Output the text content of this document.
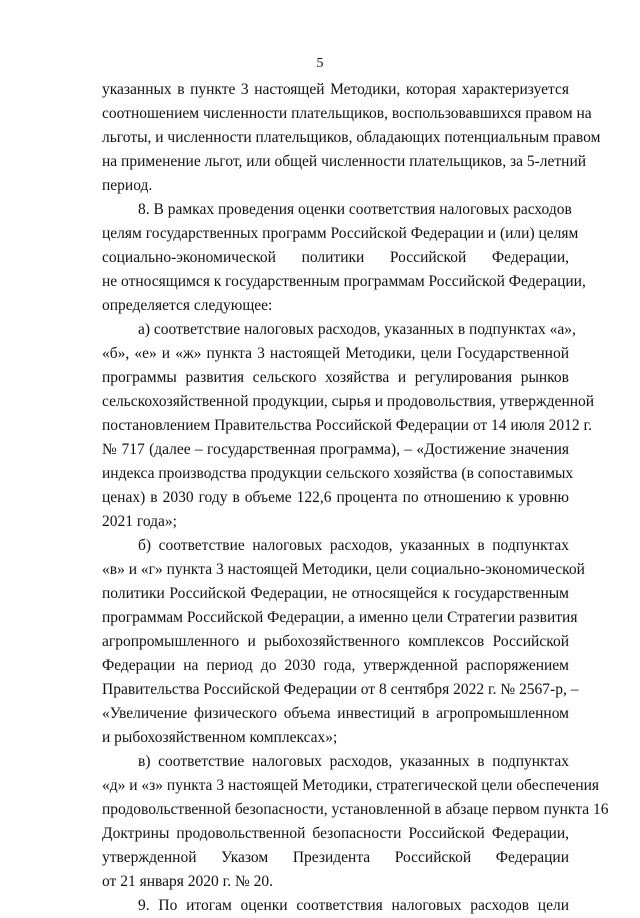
5
указанных в пункте 3 настоящей Методики, которая характеризуется
соотношением численности плательщиков, воспользовавшихся правом на
льготы, и численности плательщиков, обладающих потенциальным правом
на применение льгот, или общей численности плательщиков, за 5-летний
период.
8. В рамках проведения оценки соответствия налоговых расходов
целям государственных программ Российской Федерации и (или) целям
социально-экономической политики Российской Федерации,
не относящимся к государственным программам Российской Федерации,
определяется следующее:
а) соответствие налоговых расходов, указанных в подпунктах «а»,
«б», «е» и «ж» пункта 3 настоящей Методики, цели Государственной
программы развития сельского хозяйства и регулирования рынков
сельскохозяйственной продукции, сырья и продовольствия, утвержденной
постановлением Правительства Российской Федерации от 14 июля 2012 г.
№ 717 (далее – государственная программа), – «Достижение значения
индекса производства продукции сельского хозяйства (в сопоставимых
ценах) в 2030 году в объеме 122,6 процента по отношению к уровню
2021 года»;
б) соответствие налоговых расходов, указанных в подпунктах
«в» и «г» пункта 3 настоящей Методики, цели социально-экономической
политики Российской Федерации, не относящейся к государственным
программам Российской Федерации, а именно цели Стратегии развития
агропромышленного и рыбохозяйственного комплексов Российской
Федерации на период до 2030 года, утвержденной распоряжением
Правительства Российской Федерации от 8 сентября 2022 г. № 2567-р, –
«Увеличение физического объема инвестиций в агропромышленном
и рыбохозяйственном комплексах»;
в) соответствие налоговых расходов, указанных в подпунктах
«д» и «з» пункта 3 настоящей Методики, стратегической цели обеспечения
продовольственной безопасности, установленной в абзаце первом пункта 16
Доктрины продовольственной безопасности Российской Федерации,
утвержденной Указом Президента Российской Федерации
от 21 января 2020 г. № 20.
9. По итогам оценки соответствия налоговых расходов цели
